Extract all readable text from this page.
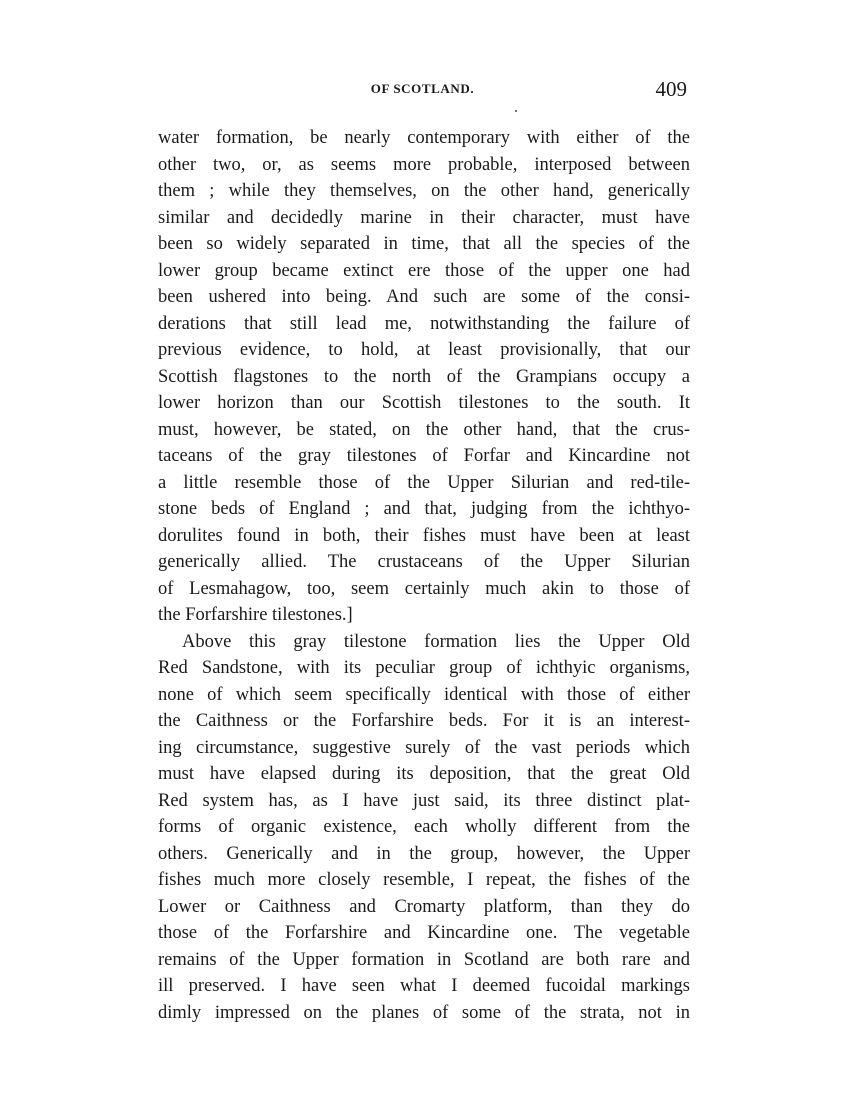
OF SCOTLAND.	409
water formation, be nearly contemporary with either of the
other two, or, as seems more probable, interposed between
them ; while they themselves, on the other hand, generically
similar and decidedly marine in their character, must have
been so widely separated in time, that all the species of the
lower group became extinct ere those of the upper one had
been ushered into being. And such are some of the consi-
derations that still lead me, notwithstanding the failure of
previous evidence, to hold, at least provisionally, that our
Scottish flagstones to the north of the Grampians occupy a
lower horizon than our Scottish tilestones to the south. It
must, however, be stated, on the other hand, that the crus-
taceans of the gray tilestones of Forfar and Kincardine not
a little resemble those of the Upper Silurian and red-tile-
stone beds of England ; and that, judging from the ichthyo-
dorulites found in both, their fishes must have been at least
generically allied. The crustaceans of the Upper Silurian
of Lesmahagow, too, seem certainly much akin to those of
the Forfarshire tilestones.]
Above this gray tilestone formation lies the Upper Old
Red Sandstone, with its peculiar group of ichthyic organisms,
none of which seem specifically identical with those of either
the Caithness or the Forfarshire beds. For it is an interest-
ing circumstance, suggestive surely of the vast periods which
must have elapsed during its deposition, that the great Old
Red system has, as I have just said, its three distinct plat-
forms of organic existence, each wholly different from the
others. Generically and in the group, however, the Upper
fishes much more closely resemble, I repeat, the fishes of the
Lower or Caithness and Cromarty platform, than they do
those of the Forfarshire and Kincardine one. The vegetable
remains of the Upper formation in Scotland are both rare and
ill preserved. I have seen what I deemed fucoidal markings
dimly impressed on the planes of some of the strata, not in
